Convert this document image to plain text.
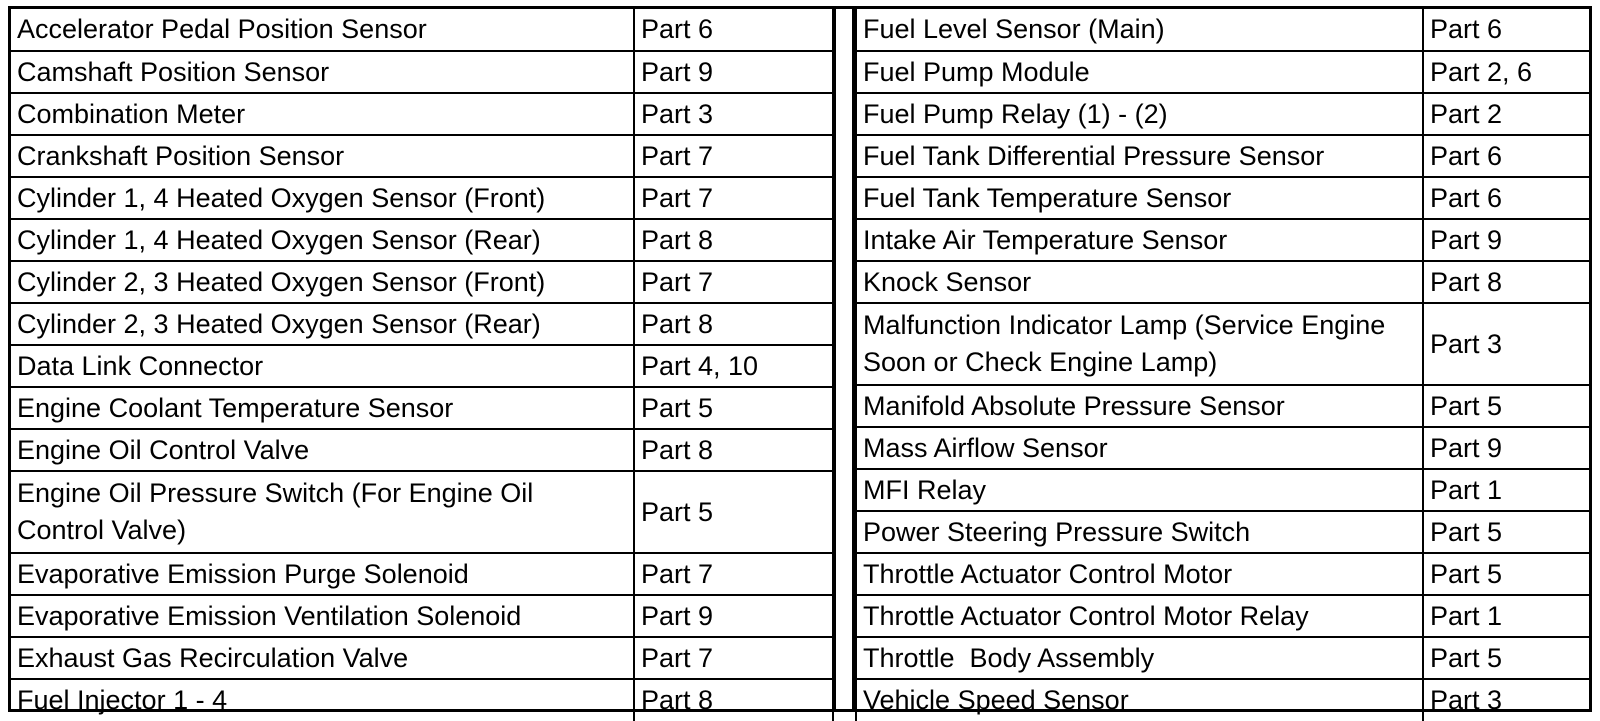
Accelerator Pedal Position Sensor	Part 6
Camshaft Position Sensor	Part 9
Combination Meter	Part 3
Crankshaft Position Sensor	Part 7
Cylinder 1, 4 Heated Oxygen Sensor (Front)	Part 7
Cylinder 1, 4 Heated Oxygen Sensor (Rear)	Part 8
Cylinder 2, 3 Heated Oxygen Sensor (Front)	Part 7
Cylinder 2, 3 Heated Oxygen Sensor (Rear)	Part 8
Data Link Connector	Part 4, 10
Engine Coolant Temperature Sensor	Part 5
Engine Oil Control Valve	Part 8
Engine Oil Pressure Switch (For Engine Oil Control Valve)	Part 5
Evaporative Emission Purge Solenoid	Part 7
Evaporative Emission Ventilation Solenoid	Part 9
Exhaust Gas Recirculation Valve	Part 7
Fuel Injector 1 - 4	Part 8
Fuel Level Sensor (Main)	Part 6
Fuel Pump Module	Part 2, 6
Fuel Pump Relay (1) - (2)	Part 2
Fuel Tank Differential Pressure Sensor	Part 6
Fuel Tank Temperature Sensor	Part 6
Intake Air Temperature Sensor	Part 9
Knock Sensor	Part 8
Malfunction Indicator Lamp (Service Engine Soon or Check Engine Lamp)	Part 3
Manifold Absolute Pressure Sensor	Part 5
Mass Airflow Sensor	Part 9
MFI Relay	Part 1
Power Steering Pressure Switch	Part 5
Throttle Actuator Control Motor	Part 5
Throttle Actuator Control Motor Relay	Part 1
Throttle  Body Assembly	Part 5
Vehicle Speed Sensor	Part 3
